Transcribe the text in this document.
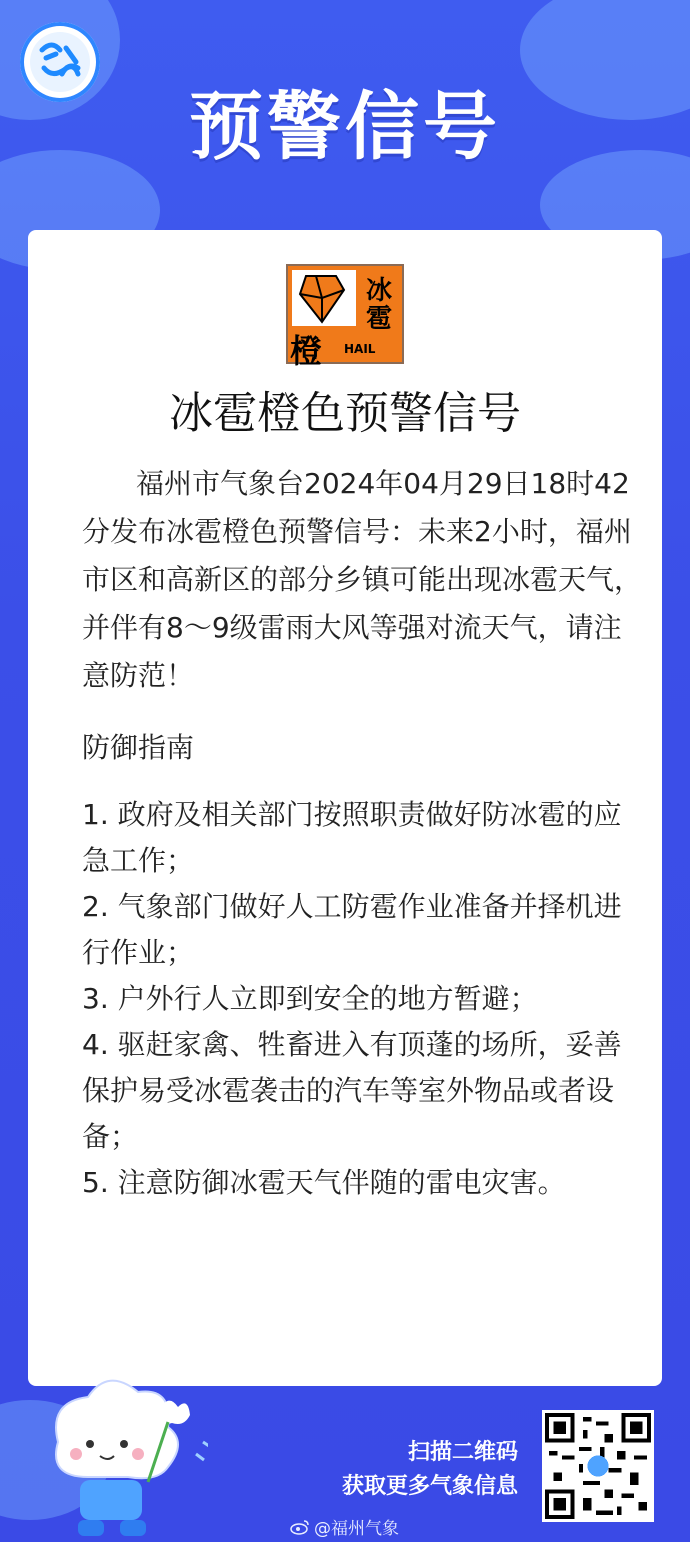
预警信号
冰
雹
橙 HAIL
冰雹橙色预警信号
福州市气象台2024年04月29日18时42分发布冰雹橙色预警信号：未来2小时，福州市区和高新区的部分乡镇可能出现冰雹天气，并伴有8～9级雷雨大风等强对流天气，请注意防范！
防御指南
1. 政府及相关部门按照职责做好防冰雹的应急工作；
2. 气象部门做好人工防雹作业准备并择机进行作业；
3. 户外行人立即到安全的地方暂避；
4. 驱赶家禽、牲畜进入有顶蓬的场所，妥善保护易受冰雹袭击的汽车等室外物品或者设备；
5. 注意防御冰雹天气伴随的雷电灾害。
扫描二维码
获取更多气象信息
@福州气象
